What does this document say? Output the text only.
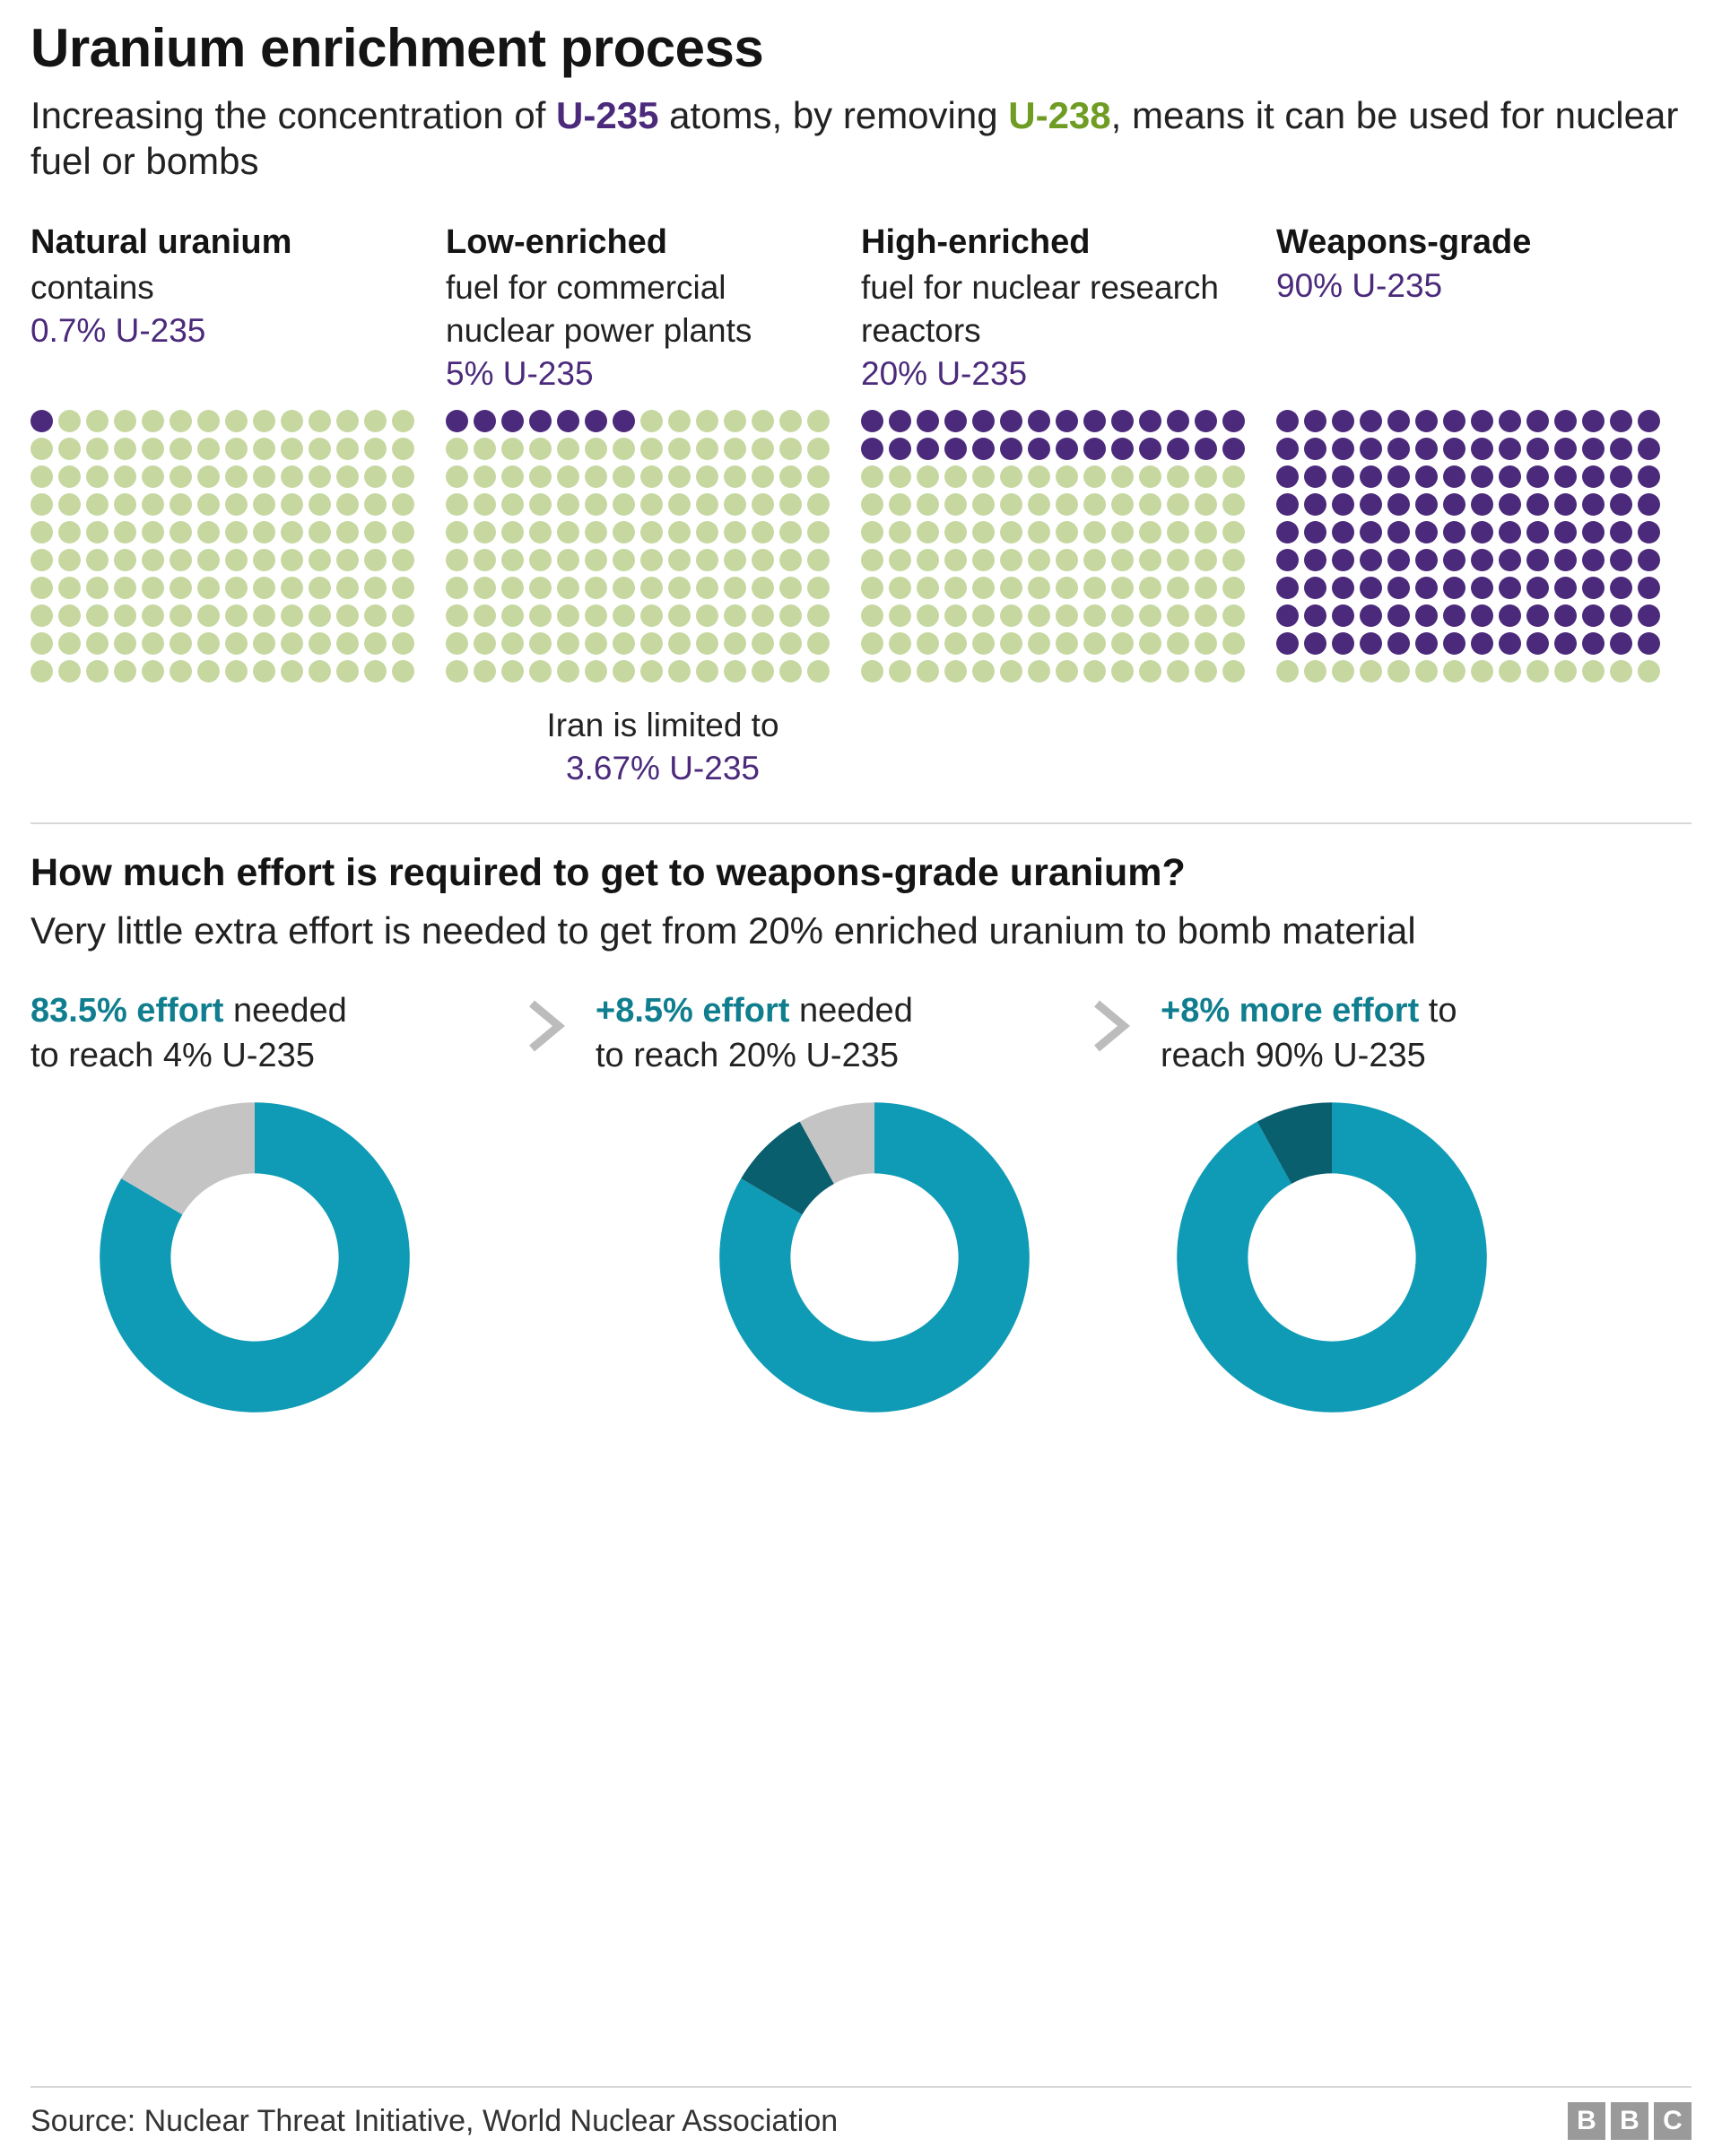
Uranium enrichment process

Increasing the concentration of U-235 atoms, by removing U-238, means it can be used for nuclear fuel or bombs

Natural uranium
contains
0.7% U-235
Low-enriched
fuel for commercial nuclear power plants
5% U-235
High-enriched
fuel for nuclear research reactors
20% U-235
Weapons-grade
90% U-235
Iran is limited to
3.67% U-235
How much effort is required to get to weapons-grade uranium?
Very little extra effort is needed to get from 20% enriched uranium to bomb material
83.5% effort needed
to reach 4% U-235
+8.5% effort needed
to reach 20% U-235
+8% more effort to
reach 90% U-235
Source: Nuclear Threat Initiative, World Nuclear Association	B B C
